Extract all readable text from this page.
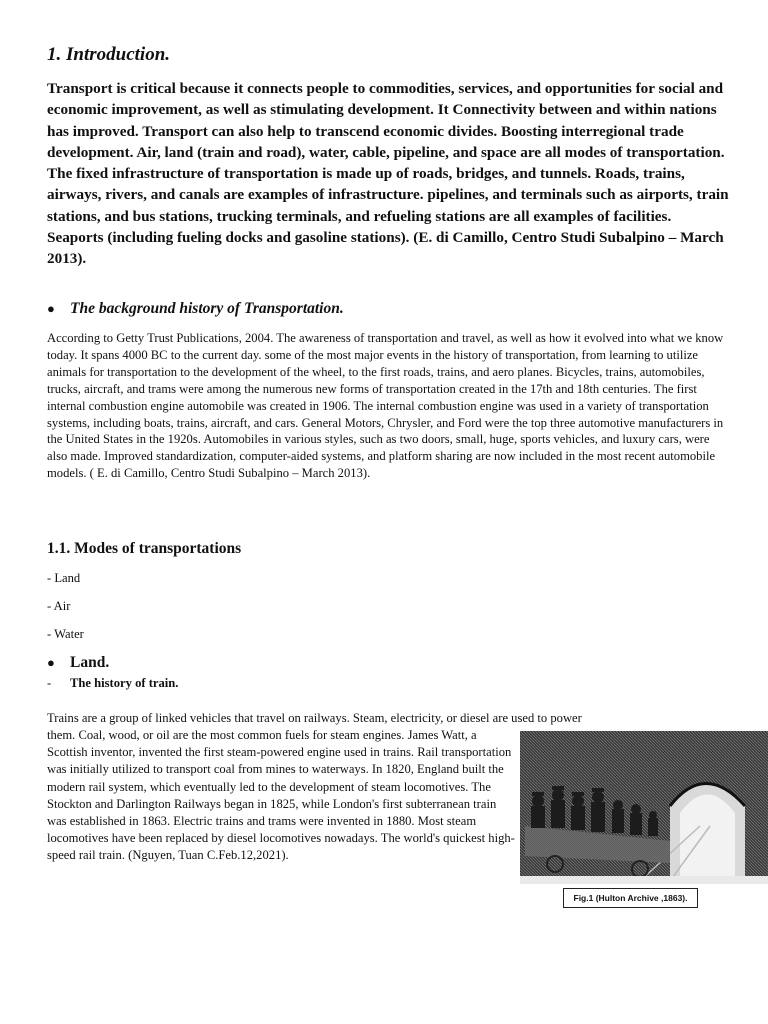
1. Introduction.

Transport is critical because it connects people to commodities, services, and opportunities for social and economic improvement, as well as stimulating development. It Connectivity between and within nations has improved. Transport can also help to transcend economic divides. Boosting interregional trade development. Air, land (train and road), water, cable, pipeline, and space are all modes of transportation. The fixed infrastructure of transportation is made up of roads, bridges, and tunnels. Roads, trains, airways, rivers, and canals are examples of infrastructure. pipelines, and terminals such as airports, train stations, and bus stations, trucking terminals, and refueling stations are all examples of facilities. Seaports (including fueling docks and gasoline stations). (E. di Camillo, Centro Studi Subalpino – March 2013).

● The background history of Transportation.

According to Getty Trust Publications, 2004. The awareness of transportation and travel, as well as how it evolved into what we know today. It spans 4000 BC to the current day. some of the most major events in the history of transportation, from learning to utilize animals for transportation to the development of the wheel, to the first roads, trains, and aero planes. Bicycles, trains, automobiles, trucks, aircraft, and trams were among the numerous new forms of transportation created in the 17th and 18th centuries. The first internal combustion engine automobile was created in 1906. The internal combustion engine was used in a variety of transportation systems, including boats, trains, aircraft, and cars. General Motors, Chrysler, and Ford were the top three automotive manufacturers in the United States in the 1920s. Automobiles in various styles, such as two doors, small, huge, sports vehicles, and luxury cars, were also made. Improved standardization, computer-aided systems, and platform sharing are now included in the most recent automobile models. ( E. di Camillo, Centro Studi Subalpino – March 2013).

1.1. Modes of transportations

- Land

- Air

- Water

● Land.
-	The history of train.

Trains are a group of linked vehicles that travel on railways. Steam, electricity, or diesel are used to power

them. Coal, wood, or oil are the most common fuels for steam engines. James Watt, a Scottish inventor, invented the first steam-powered engine used in trains. Rail transportation was initially utilized to transport coal from mines to waterways. In 1820, England built the modern rail system, which eventually led to the development of steam locomotives. The Stockton and Darlington Railways began in 1825, while London's first subterranean train was established in 1863. Electric trains and trams were invented in 1880. Most steam locomotives have been replaced by diesel locomotives nowadays. The world's quickest high-speed rail train. (Nguyen, Tuan C.Feb.12,2021).

Fig.1 (Hulton Archive ,1863).
